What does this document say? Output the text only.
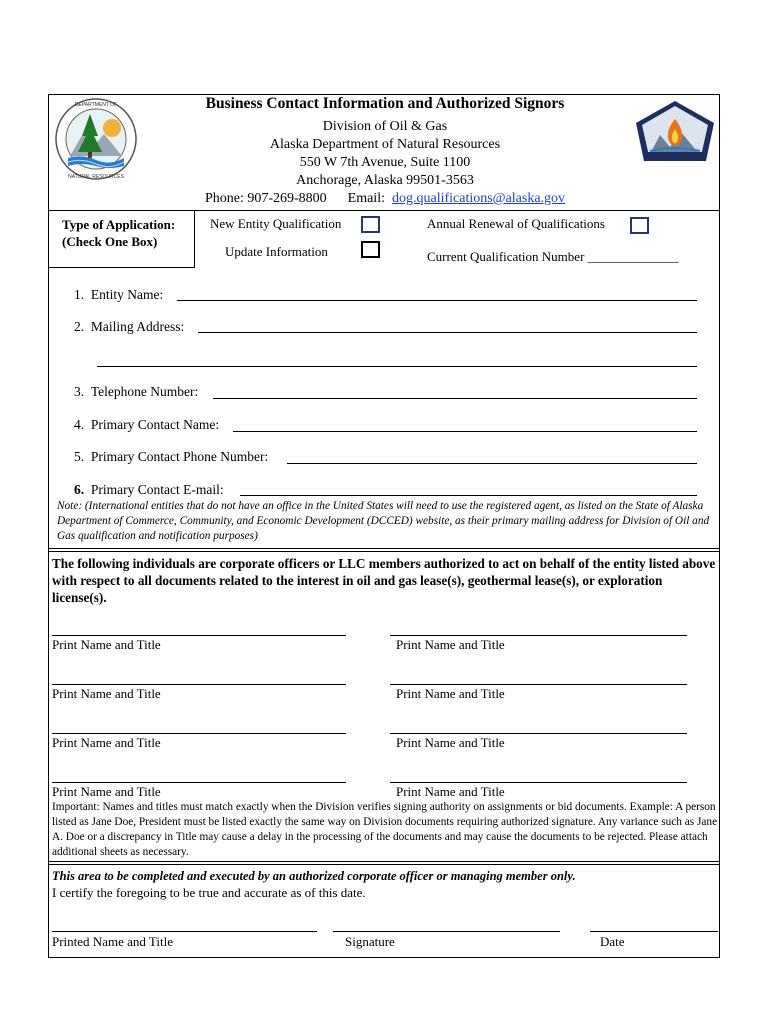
DEPARTMENT OF
NATURAL RESOURCES
Business Contact Information and Authorized Signors
Division of Oil & Gas
Alaska Department of Natural Resources
550 W 7th Avenue, Suite 1100
Anchorage, Alaska 99501-3563
Phone: 907-269-8800 Email: dog.qualifications@alaska.gov
Type of Application:
(Check One Box)
New Entity Qualification	Annual Renewal of Qualifications
Update Information	Current Qualification Number ______________
1. Entity Name:
2. Mailing Address:
3. Telephone Number:
4. Primary Contact Name:
5. Primary Contact Phone Number:
6. Primary Contact E-mail:
Note: (International entities that do not have an office in the United States will need to use the registered agent, as listed on the State of Alaska Department of Commerce, Community, and Economic Development (DCCED) website, as their primary mailing address for Division of Oil and Gas qualification and notification purposes)
The following individuals are corporate officers or LLC members authorized to act on behalf of the entity listed above with respect to all documents related to the interest in oil and gas lease(s), geothermal lease(s), or exploration license(s).
Print Name and Title	Print Name and Title
Print Name and Title	Print Name and Title
Print Name and Title	Print Name and Title
Print Name and Title	Print Name and Title
Important: Names and titles must match exactly when the Division verifies signing authority on assignments or bid documents. Example: A person listed as Jane Doe, President must be listed exactly the same way on Division documents requiring authorized signature. Any variance such as Jane A. Doe or a discrepancy in Title may cause a delay in the processing of the documents and may cause the documents to be rejected. Please attach additional sheets as necessary.
This area to be completed and executed by an authorized corporate officer or managing member only.
I certify the foregoing to be true and accurate as of this date.
Printed Name and Title	Signature	Date
